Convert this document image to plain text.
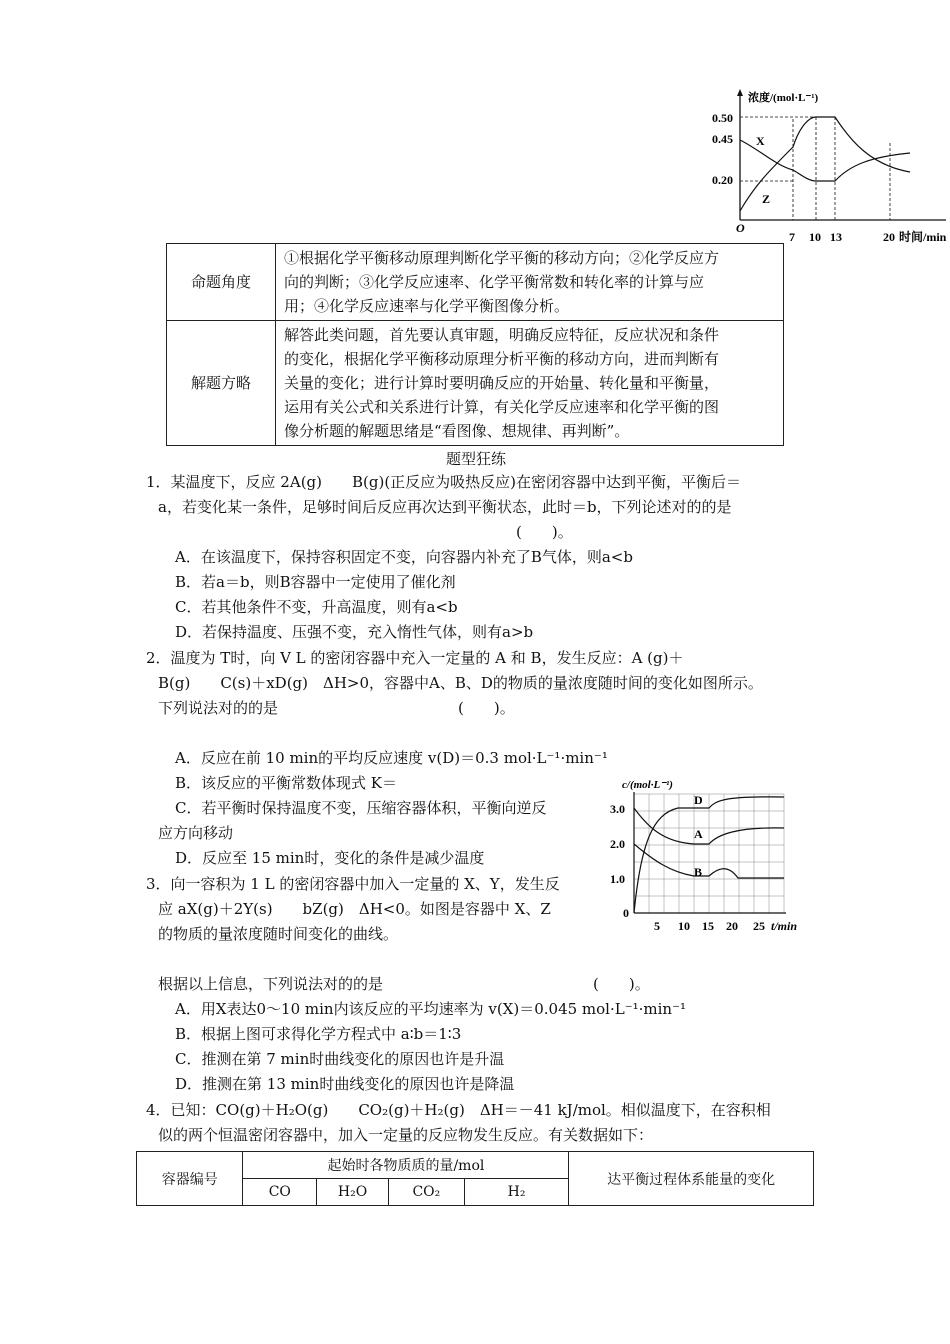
浓度/(mol·L⁻¹)
0.50
0.45
0.20
O
X
Z
7 10 13	20 时间/min
命题角度	①根据化学平衡移动原理判断化学平衡的移动方向；②化学反应方
向的判断；③化学反应速率、化学平衡常数和转化率的计算与应
用；④化学反应速率与化学平衡图像分析。

解题方略	解答此类问题，首先要认真审题，明确反应特征，反应状况和条件
的变化，根据化学平衡移动原理分析平衡的移动方向，进而判断有
关量的变化；进行计算时要明确反应的开始量、转化量和平衡量，
运用有关公式和关系进行计算，有关化学反应速率和化学平衡的图
像分析题的解题思绪是“看图像、想规律、再判断”。
题型狂练
1．某温度下，反应 2A(g)　　B(g)(正反应为吸热反应)在密闭容器中达到平衡，平衡后＝
a，若变化某一条件，足够时间后反应再次达到平衡状态，此时＝b，下列论述对的的是
(　　)。
A．在该温度下，保持容积固定不变，向容器内补充了B气体，则a<b
B．若a＝b，则B容器中一定使用了催化剂
C．若其他条件不变，升高温度，则有a<b
D．若保持温度、压强不变，充入惰性气体，则有a>b
2．温度为 T时，向 V L 的密闭容器中充入一定量的 A 和 B，发生反应：A (g)＋
B(g)　　C(s)＋xD(g)　ΔH>0，容器中A、B、D的物质的量浓度随时间的变化如图所示。
下列说法对的的是　　　　　　　　　　　　(　　)。
A．反应在前 10 min的平均反应速度 v(D)＝0.3 mol·L⁻¹·min⁻¹
B．该反应的平衡常数体现式 K＝
C．若平衡时保持温度不变，压缩容器体积，平衡向逆反
应方向移动
D．反应至 15 min时，变化的条件是减少温度
c/(mol·L⁻¹)
3.0
2.0
1.0
0
D
A
B
5 10 15 20 25 t/min
3．向一容积为 1 L 的密闭容器中加入一定量的 X、Y，发生反
应 aX(g)＋2Y(s)　　bZ(g)　ΔH<0。如图是容器中 X、Z
的物质的量浓度随时间变化的曲线。
根据以上信息，下列说法对的的是　　　　　　　　　　　　　　(　　)。
A．用X表达0～10 min内该反应的平均速率为 v(X)＝0.045 mol·L⁻¹·min⁻¹
B．根据上图可求得化学方程式中 a∶b＝1∶3
C．推测在第 7 min时曲线变化的原因也许是升温
D．推测在第 13 min时曲线变化的原因也许是降温
4．已知：CO(g)＋H₂O(g)　　CO₂(g)＋H₂(g)　ΔH＝－41 kJ/mol。相似温度下，在容积相
似的两个恒温密闭容器中，加入一定量的反应物发生反应。有关数据如下：
容器编号	起始时各物质质的量/mol				达平衡过程体系能量的变化
	CO	H₂O	CO₂	H₂	
